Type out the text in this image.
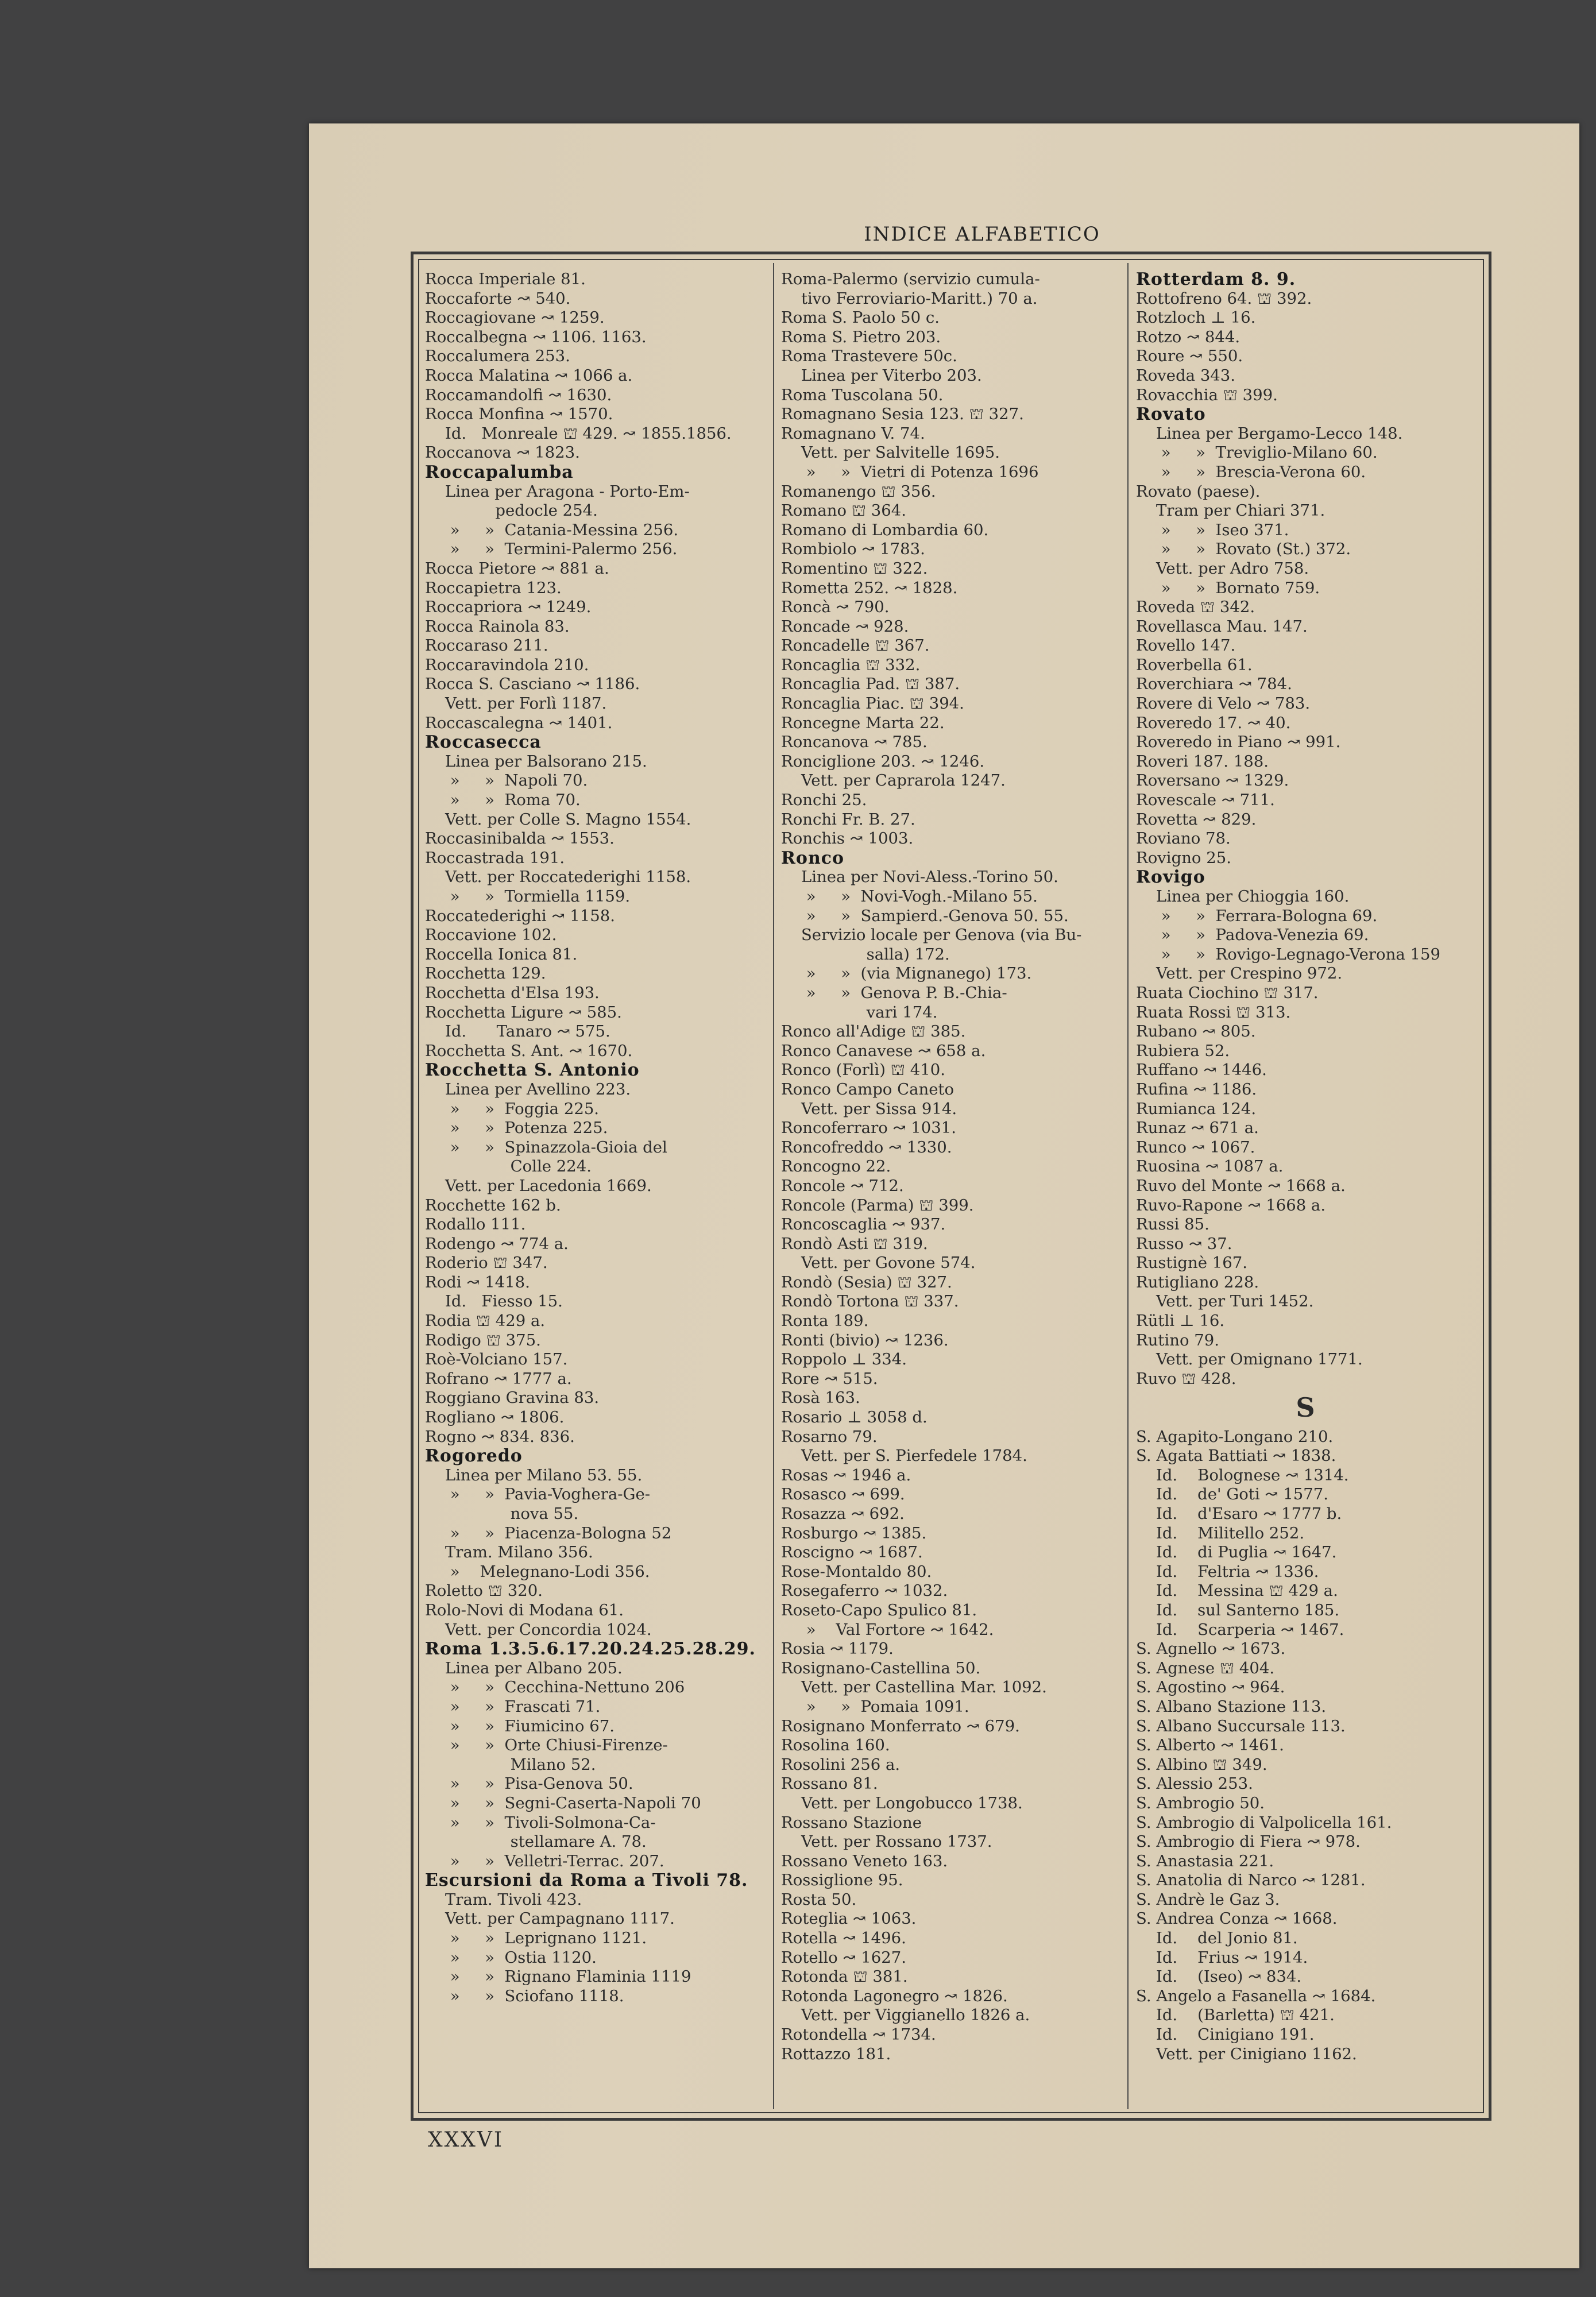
INDICE ALFABETICO
Rocca Imperiale 81.
Roccaforte ↝ 540.
Roccagiovane ↝ 1259.
Roccalbegna ↝ 1106. 1163.
Roccalumera 253.
Rocca Malatina ↝ 1066 a.
Roccamandolfi ↝ 1630.
Rocca Monfina ↝ 1570.
Id.   Monreale ⛫ 429. ↝ 1855.1856.
Roccanova ↝ 1823.
Roccapalumba
Linea per Aragona - Porto-Em-
pedocle 254.
»     »  Catania-Messina 256.
»     »  Termini-Palermo 256.
Rocca Pietore ↝ 881 a.
Roccapietra 123.
Roccapriora ↝ 1249.
Rocca Rainola 83.
Roccaraso 211.
Roccaravindola 210.
Rocca S. Casciano ↝ 1186.
Vett. per Forlì 1187.
Roccascalegna ↝ 1401.
Roccasecca
Linea per Balsorano 215.
»     »  Napoli 70.
»     »  Roma 70.
Vett. per Colle S. Magno 1554.
Roccasinibalda ↝ 1553.
Roccastrada 191.
Vett. per Roccatederighi 1158.
»     »  Tormiella 1159.
Roccatederighi ↝ 1158.
Roccavione 102.
Roccella Ionica 81.
Rocchetta 129.
Rocchetta d'Elsa 193.
Rocchetta Ligure ↝ 585.
Id.      Tanaro ↝ 575.
Rocchetta S. Ant. ↝ 1670.
Rocchetta S. Antonio
Linea per Avellino 223.
»     »  Foggia 225.
»     »  Potenza 225.
»     »  Spinazzola-Gioia del
Colle 224.
Vett. per Lacedonia 1669.
Rocchette 162 b.
Rodallo 111.
Rodengo ↝ 774 a.
Roderio ⛫ 347.
Rodi ↝ 1418.
Id.   Fiesso 15.
Rodia ⛫ 429 a.
Rodigo ⛫ 375.
Roè-Volciano 157.
Rofrano ↝ 1777 a.
Roggiano Gravina 83.
Rogliano ↝ 1806.
Rogno ↝ 834. 836.
Rogoredo
Linea per Milano 53. 55.
»     »  Pavia-Voghera-Ge-
nova 55.
»     »  Piacenza-Bologna 52
Tram. Milano 356.
»    Melegnano-Lodi 356.
Roletto ⛫ 320.
Rolo-Novi di Modana 61.
Vett. per Concordia 1024.
Roma 1.3.5.6.17.20.24.25.28.29.
Linea per Albano 205.
»     »  Cecchina-Nettuno 206
»     »  Frascati 71.
»     »  Fiumicino 67.
»     »  Orte Chiusi-Firenze-
Milano 52.
»     »  Pisa-Genova 50.
»     »  Segni-Caserta-Napoli 70
»     »  Tivoli-Solmona-Ca-
stellamare A. 78.
»     »  Velletri-Terrac. 207.
Escursioni da Roma a Tivoli 78.
Tram. Tivoli 423.
Vett. per Campagnano 1117.
»     »  Leprignano 1121.
»     »  Ostia 1120.
»     »  Rignano Flaminia 1119
»     »  Sciofano 1118.
Roma-Palermo (servizio cumula-
tivo Ferroviario-Maritt.) 70 a.
Roma S. Paolo 50 c.
Roma S. Pietro 203.
Roma Trastevere 50c.
Linea per Viterbo 203.
Roma Tuscolana 50.
Romagnano Sesia 123. ⛫ 327.
Romagnano V. 74.
Vett. per Salvitelle 1695.
»     »  Vietri di Potenza 1696
Romanengo ⛫ 356.
Romano ⛫ 364.
Romano di Lombardia 60.
Rombiolo ↝ 1783.
Romentino ⛫ 322.
Rometta 252. ↝ 1828.
Roncà ↝ 790.
Roncade ↝ 928.
Roncadelle ⛫ 367.
Roncaglia ⛫ 332.
Roncaglia Pad. ⛫ 387.
Roncaglia Piac. ⛫ 394.
Roncegne Marta 22.
Roncanova ↝ 785.
Ronciglione 203. ↝ 1246.
Vett. per Caprarola 1247.
Ronchi 25.
Ronchi Fr. B. 27.
Ronchis ↝ 1003.
Ronco
Linea per Novi-Aless.-Torino 50.
»     »  Novi-Vogh.-Milano 55.
»     »  Sampierd.-Genova 50. 55.
Servizio locale per Genova (via Bu-
salla) 172.
»     »  (via Mignanego) 173.
»     »  Genova P. B.-Chia-
vari 174.
Ronco all'Adige ⛫ 385.
Ronco Canavese ↝ 658 a.
Ronco (Forlì) ⛫ 410.
Ronco Campo Caneto
Vett. per Sissa 914.
Roncoferraro ↝ 1031.
Roncofreddo ↝ 1330.
Roncogno 22.
Roncole ↝ 712.
Roncole (Parma) ⛫ 399.
Roncoscaglia ↝ 937.
Rondò Asti ⛫ 319.
Vett. per Govone 574.
Rondò (Sesia) ⛫ 327.
Rondò Tortona ⛫ 337.
Ronta 189.
Ronti (bivio) ↝ 1236.
Roppolo ⊥ 334.
Rore ↝ 515.
Rosà 163.
Rosario ⊥ 3058 d.
Rosarno 79.
Vett. per S. Pierfedele 1784.
Rosas ↝ 1946 a.
Rosasco ↝ 699.
Rosazza ↝ 692.
Rosburgo ↝ 1385.
Roscigno ↝ 1687.
Rose-Montaldo 80.
Rosegaferro ↝ 1032.
Roseto-Capo Spulico 81.
»    Val Fortore ↝ 1642.
Rosia ↝ 1179.
Rosignano-Castellina 50.
Vett. per Castellina Mar. 1092.
»     »  Pomaia 1091.
Rosignano Monferrato ↝ 679.
Rosolina 160.
Rosolini 256 a.
Rossano 81.
Vett. per Longobucco 1738.
Rossano Stazione
Vett. per Rossano 1737.
Rossano Veneto 163.
Rossiglione 95.
Rosta 50.
Roteglia ↝ 1063.
Rotella ↝ 1496.
Rotello ↝ 1627.
Rotonda ⛫ 381.
Rotonda Lagonegro ↝ 1826.
Vett. per Viggianello 1826 a.
Rotondella ↝ 1734.
Rottazzo 181.
Rotterdam 8. 9.
Rottofreno 64. ⛫ 392.
Rotzloch ⊥ 16.
Rotzo ↝ 844.
Roure ↝ 550.
Roveda 343.
Rovacchia ⛫ 399.
Rovato
Linea per Bergamo-Lecco 148.
»     »  Treviglio-Milano 60.
»     »  Brescia-Verona 60.
Rovato (paese).
Tram per Chiari 371.
»     »  Iseo 371.
»     »  Rovato (St.) 372.
Vett. per Adro 758.
»     »  Bornato 759.
Roveda ⛫ 342.
Rovellasca Mau. 147.
Rovello 147.
Roverbella 61.
Roverchiara ↝ 784.
Rovere di Velo ↝ 783.
Roveredo 17. ↝ 40.
Roveredo in Piano ↝ 991.
Roveri 187. 188.
Roversano ↝ 1329.
Rovescale ↝ 711.
Rovetta ↝ 829.
Roviano 78.
Rovigno 25.
Rovigo
Linea per Chioggia 160.
»     »  Ferrara-Bologna 69.
»     »  Padova-Venezia 69.
»     »  Rovigo-Legnago-Verona 159
Vett. per Crespino 972.
Ruata Ciochino ⛫ 317.
Ruata Rossi ⛫ 313.
Rubano ↝ 805.
Rubiera 52.
Ruffano ↝ 1446.
Rufina ↝ 1186.
Rumianca 124.
Runaz ↝ 671 a.
Runco ↝ 1067.
Ruosina ↝ 1087 a.
Ruvo del Monte ↝ 1668 a.
Ruvo-Rapone ↝ 1668 a.
Russi 85.
Russo ↝ 37.
Rustignè 167.
Rutigliano 228.
Vett. per Turi 1452.
Rütli ⊥ 16.
Rutino 79.
Vett. per Omignano 1771.
Ruvo ⛫ 428.
S
S. Agapito-Longano 210.
S. Agata Battiati ↝ 1838.
Id.    Bolognese ↝ 1314.
Id.    de' Goti ↝ 1577.
Id.    d'Esaro ↝ 1777 b.
Id.    Militello 252.
Id.    di Puglia ↝ 1647.
Id.    Feltria ↝ 1336.
Id.    Messina ⛫ 429 a.
Id.    sul Santerno 185.
Id.    Scarperia ↝ 1467.
S. Agnello ↝ 1673.
S. Agnese ⛫ 404.
S. Agostino ↝ 964.
S. Albano Stazione 113.
S. Albano Succursale 113.
S. Alberto ↝ 1461.
S. Albino ⛫ 349.
S. Alessio 253.
S. Ambrogio 50.
S. Ambrogio di Valpolicella 161.
S. Ambrogio di Fiera ↝ 978.
S. Anastasia 221.
S. Anatolia di Narco ↝ 1281.
S. Andrè le Gaz 3.
S. Andrea Conza ↝ 1668.
Id.    del Jonio 81.
Id.    Frius ↝ 1914.
Id.    (Iseo) ↝ 834.
S. Angelo a Fasanella ↝ 1684.
Id.    (Barletta) ⛫ 421.
Id.    Cinigiano 191.
Vett. per Cinigiano 1162.
XXXVI
